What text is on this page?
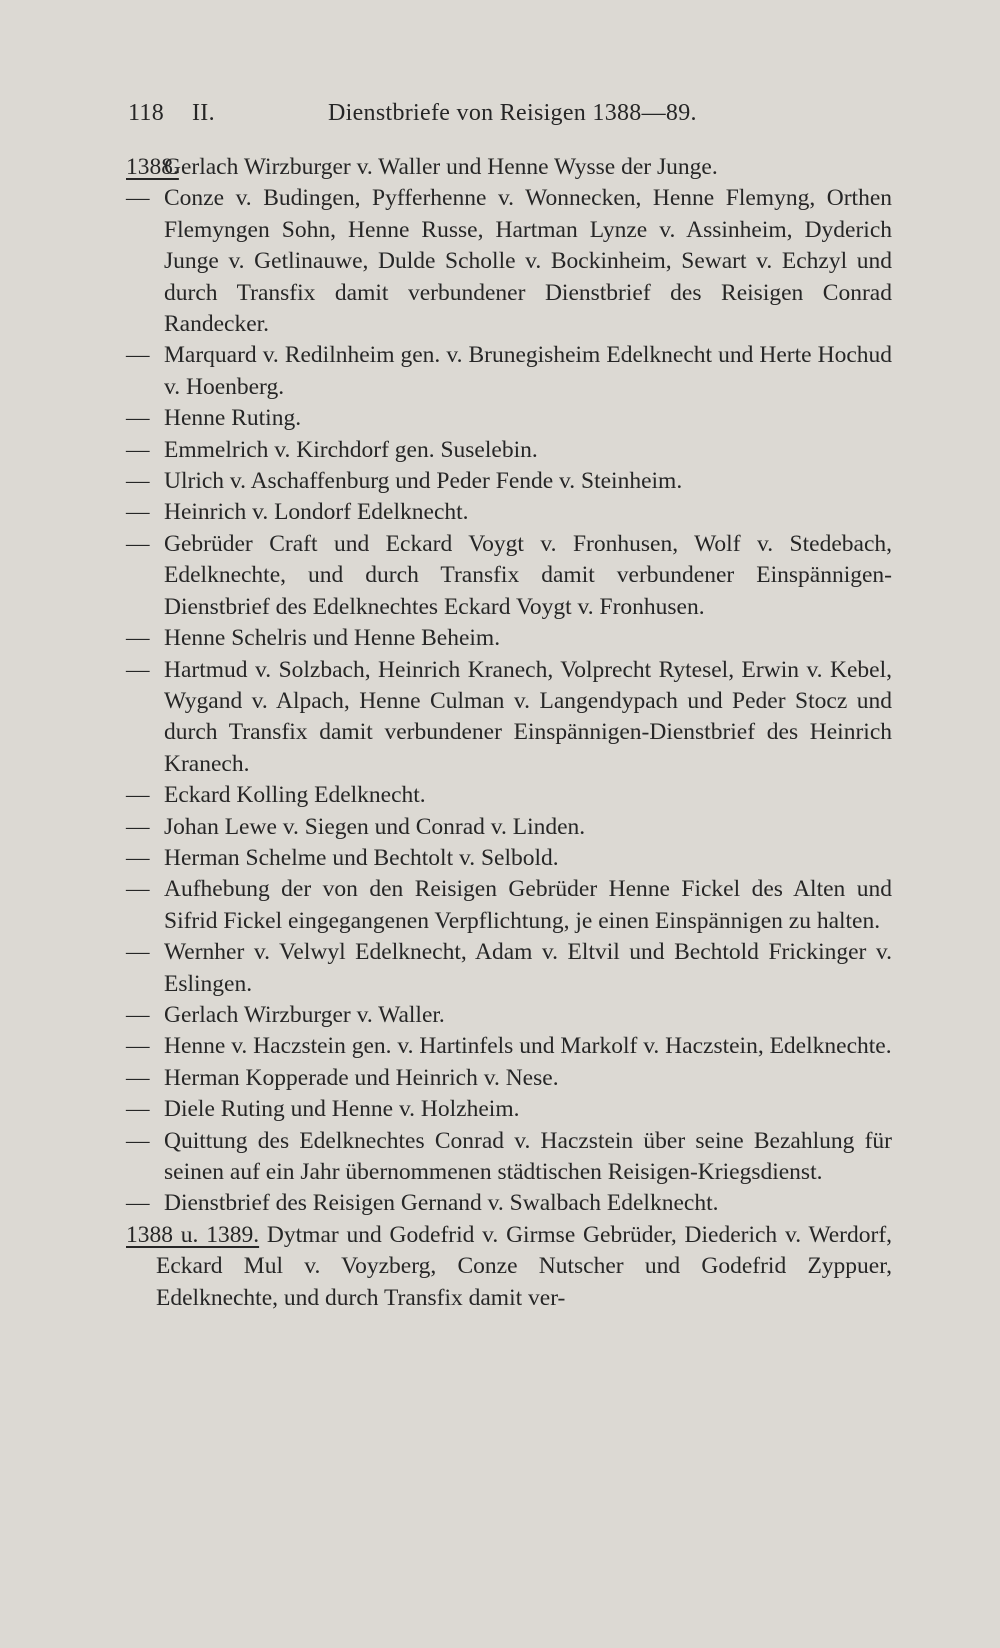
118 II.	Dienstbriefe von Reisigen 1388—89.
1388.Gerlach Wirzburger v. Waller und Henne Wysse der Junge.
— Conze v. Budingen, Pyfferhenne v. Wonnecken, Henne Flemyng, Orthen Flemyngen Sohn, Henne Russe, Hartman Lynze v. Assinheim, Dyderich Junge v. Getlinauwe, Dulde Scholle v. Bockinheim, Sewart v. Echzyl und durch Transfix damit verbundener Dienstbrief des Reisigen Conrad Randecker.
— Marquard v. Redilnheim gen. v. Brunegisheim Edelknecht und Herte Hochud v. Hoenberg.
— Henne Ruting.
— Emmelrich v. Kirchdorf gen. Suselebin.
— Ulrich v. Aschaffenburg und Peder Fende v. Steinheim.
— Heinrich v. Londorf Edelknecht.
— Gebrüder Craft und Eckard Voygt v. Fronhusen, Wolf v. Stedebach, Edelknechte, und durch Transfix damit verbundener Einspännigen-Dienstbrief des Edelknechtes Eckard Voygt v. Fronhusen.
— Henne Schelris und Henne Beheim.
— Hartmud v. Solzbach, Heinrich Kranech, Volprecht Rytesel, Erwin v. Kebel, Wygand v. Alpach, Henne Culman v. Langendypach und Peder Stocz und durch Transfix damit verbundener Einspännigen-Dienstbrief des Heinrich Kranech.
— Eckard Kolling Edelknecht.
— Johan Lewe v. Siegen und Conrad v. Linden.
— Herman Schelme und Bechtolt v. Selbold.
— Aufhebung der von den Reisigen Gebrüder Henne Fickel des Alten und Sifrid Fickel eingegangenen Verpflichtung, je einen Einspännigen zu halten.
— Wernher v. Velwyl Edelknecht, Adam v. Eltvil und Bechtold Frickinger v. Eslingen.
— Gerlach Wirzburger v. Waller.
— Henne v. Haczstein gen. v. Hartinfels und Markolf v. Haczstein, Edelknechte.
— Herman Kopperade und Heinrich v. Nese.
— Diele Ruting und Henne v. Holzheim.
— Quittung des Edelknechtes Conrad v. Haczstein über seine Bezahlung für seinen auf ein Jahr übernommenen städtischen Reisigen-Kriegsdienst.
— Dienstbrief des Reisigen Gernand v. Swalbach Edelknecht.
1388 u. 1389. Dytmar und Godefrid v. Girmse Gebrüder, Diederich v. Werdorf, Eckard Mul v. Voyzberg, Conze Nutscher und Godefrid Zyppuer, Edelknechte, und durch Transfix damit ver-
